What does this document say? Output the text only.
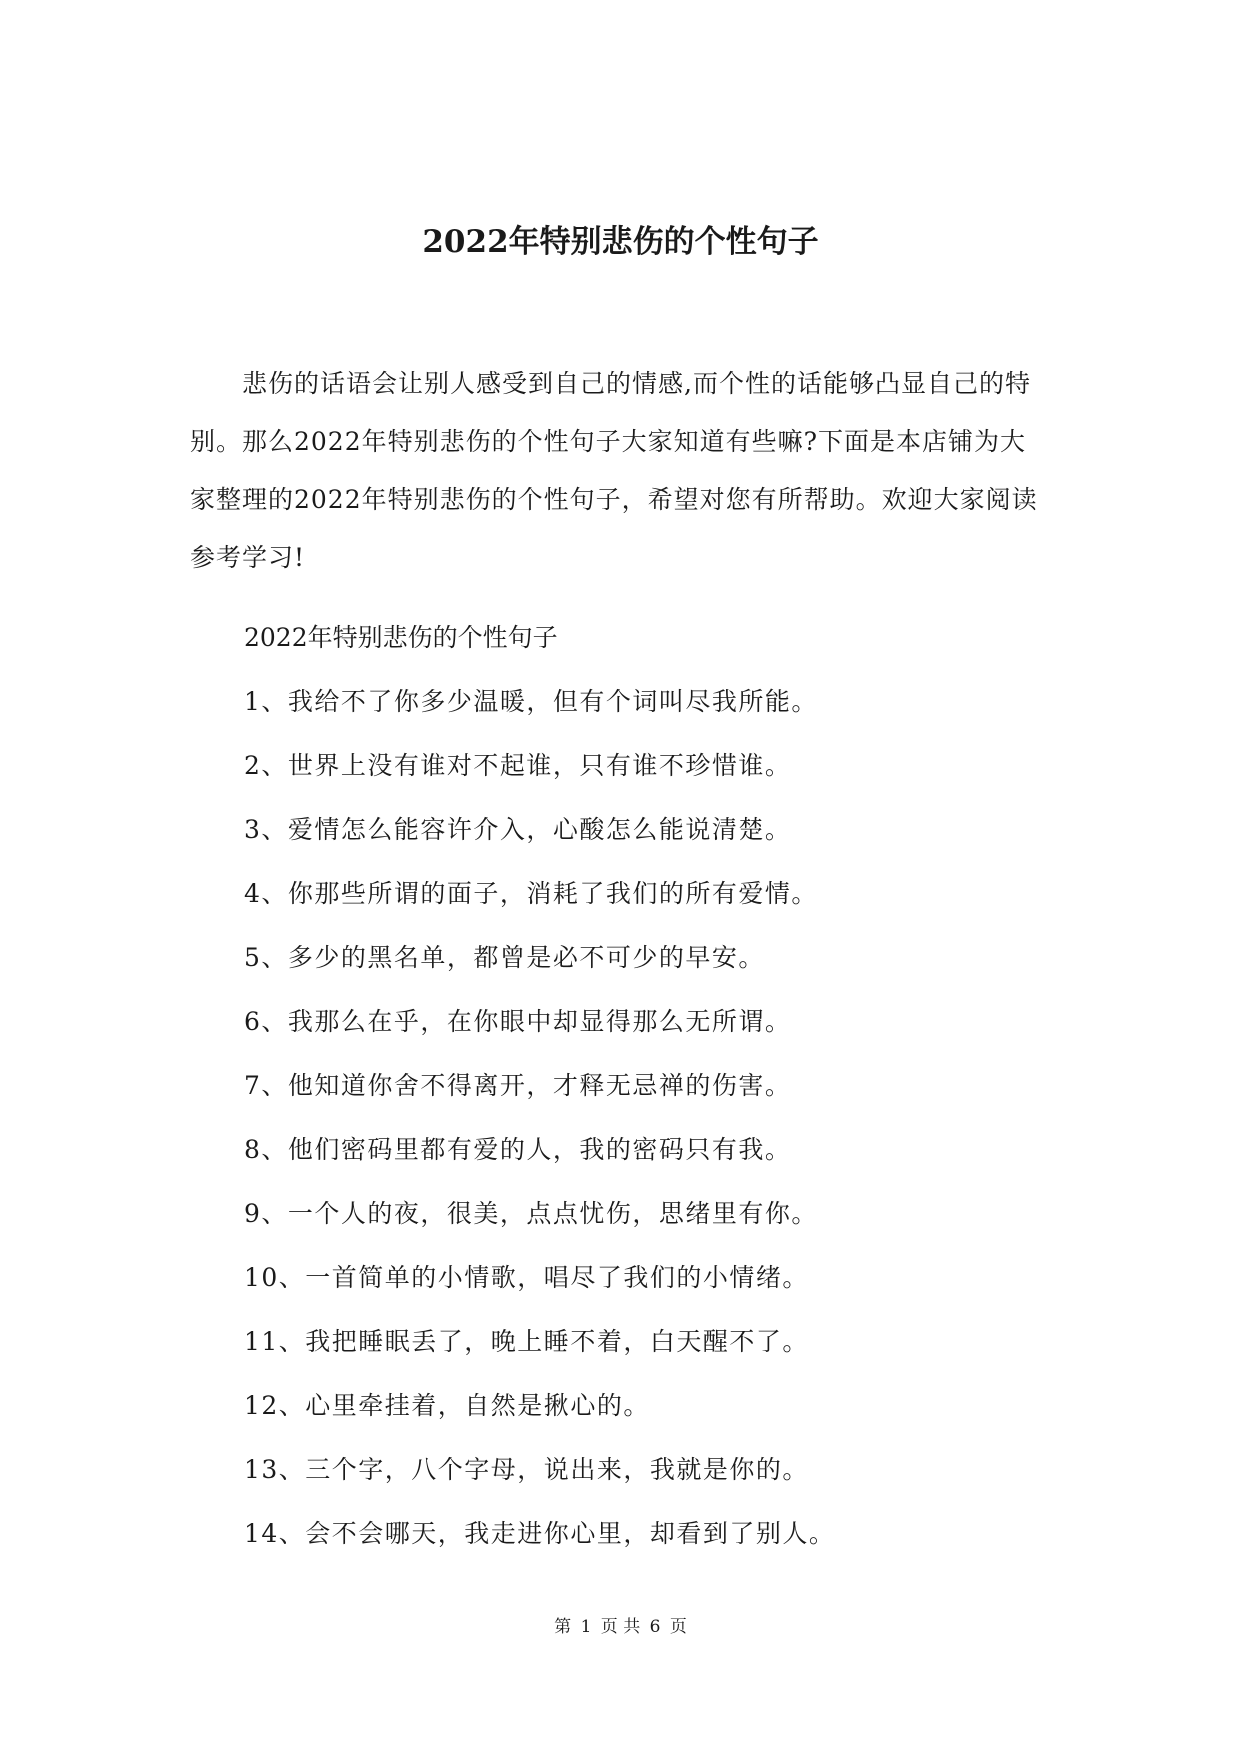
2022年特别悲伤的个性句子

悲伤的话语会让别人感受到自己的情感,而个性的话能够凸显自己的特别。那么2022年特别悲伤的个性句子大家知道有些嘛?下面是本店铺为大家整理的2022年特别悲伤的个性句子，希望对您有所帮助。欢迎大家阅读参考学习!

2022年特别悲伤的个性句子

1、我给不了你多少温暖，但有个词叫尽我所能。
2、世界上没有谁对不起谁，只有谁不珍惜谁。
3、爱情怎么能容许介入，心酸怎么能说清楚。
4、你那些所谓的面子，消耗了我们的所有爱情。
5、多少的黑名单，都曾是必不可少的早安。
6、我那么在乎，在你眼中却显得那么无所谓。
7、他知道你舍不得离开，才释无忌禅的伤害。
8、他们密码里都有爱的人，我的密码只有我。
9、一个人的夜，很美，点点忧伤，思绪里有你。
10、一首简单的小情歌，唱尽了我们的小情绪。
11、我把睡眠丢了，晚上睡不着，白天醒不了。
12、心里牵挂着，自然是揪心的。
13、三个字，八个字母，说出来，我就是你的。
14、会不会哪天，我走进你心里，却看到了别人。

第 1 页 共 6 页
